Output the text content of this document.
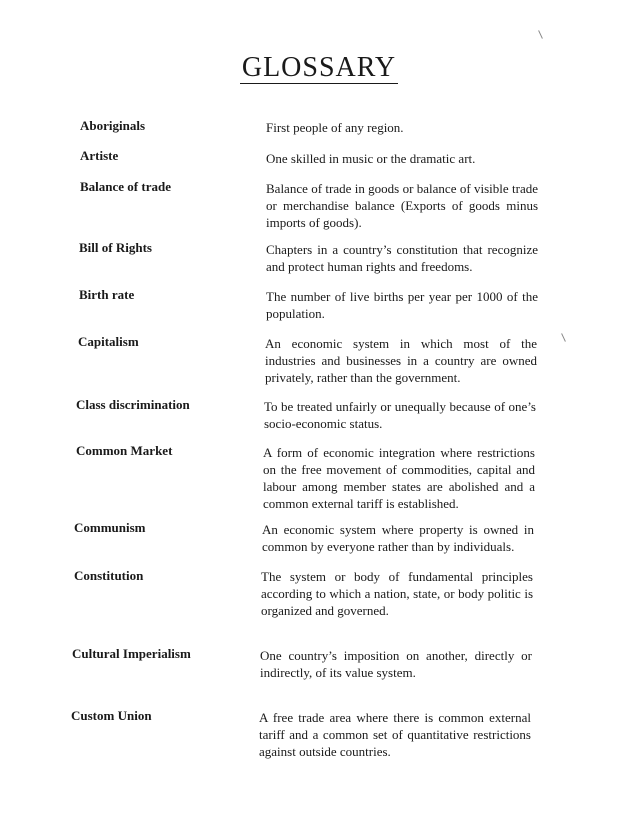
GLOSSARY
Aboriginals	First people of any region.
Artiste	One skilled in music or the dramatic art.
Balance of trade	Balance of trade in goods or balance of visible trade or merchandise balance (Exports of goods minus imports of goods).
Bill of Rights	Chapters in a country’s constitution that recognize and protect human rights and freedoms.
Birth rate	The number of live births per year per 1000 of the population.
Capitalism	An economic system in which most of the industries and businesses in a country are owned privately, rather than the government.
Class discrimination	To be treated unfairly or unequally because of one’s socio-economic status.
Common Market	A form of economic integration where restrictions on the free movement of commodities, capital and labour among member states are abolished and a common external tariff is established.
Communism	An economic system where property is owned in common by everyone rather than by individuals.
Constitution	The system or body of fundamental principles according to which a nation, state, or body politic is organized and governed.
Cultural Imperialism	One country’s imposition on another, directly or indirectly, of its value system.
Custom Union	A free trade area where there is common external tariff and a common set of quantitative restrictions against outside countries.
